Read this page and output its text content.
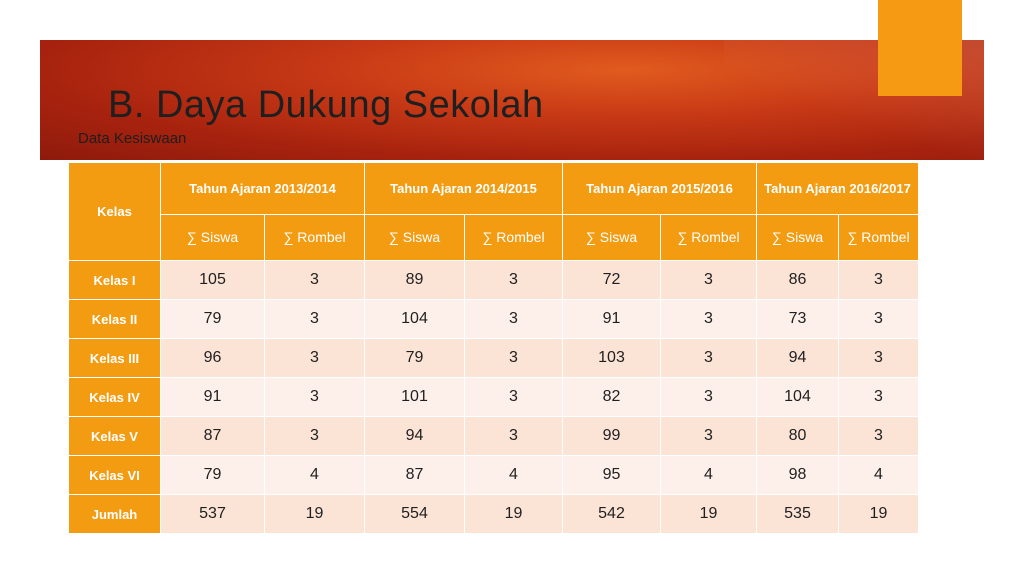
B. Daya Dukung Sekolah

Data Kesiswaan

Kelas	Tahun Ajaran 2013/2014		Tahun Ajaran 2014/2015		Tahun Ajaran 2015/2016		Tahun Ajaran 2016/2017	
	∑ Siswa	∑ Rombel	∑ Siswa	∑ Rombel	∑ Siswa	∑ Rombel	∑ Siswa	∑ Rombel
Kelas I	105	3	89	3	72	3	86	3
Kelas II	79	3	104	3	91	3	73	3
Kelas III	96	3	79	3	103	3	94	3
Kelas IV	91	3	101	3	82	3	104	3
Kelas V	87	3	94	3	99	3	80	3
Kelas VI	79	4	87	4	95	4	98	4
Jumlah	537	19	554	19	542	19	535	19
